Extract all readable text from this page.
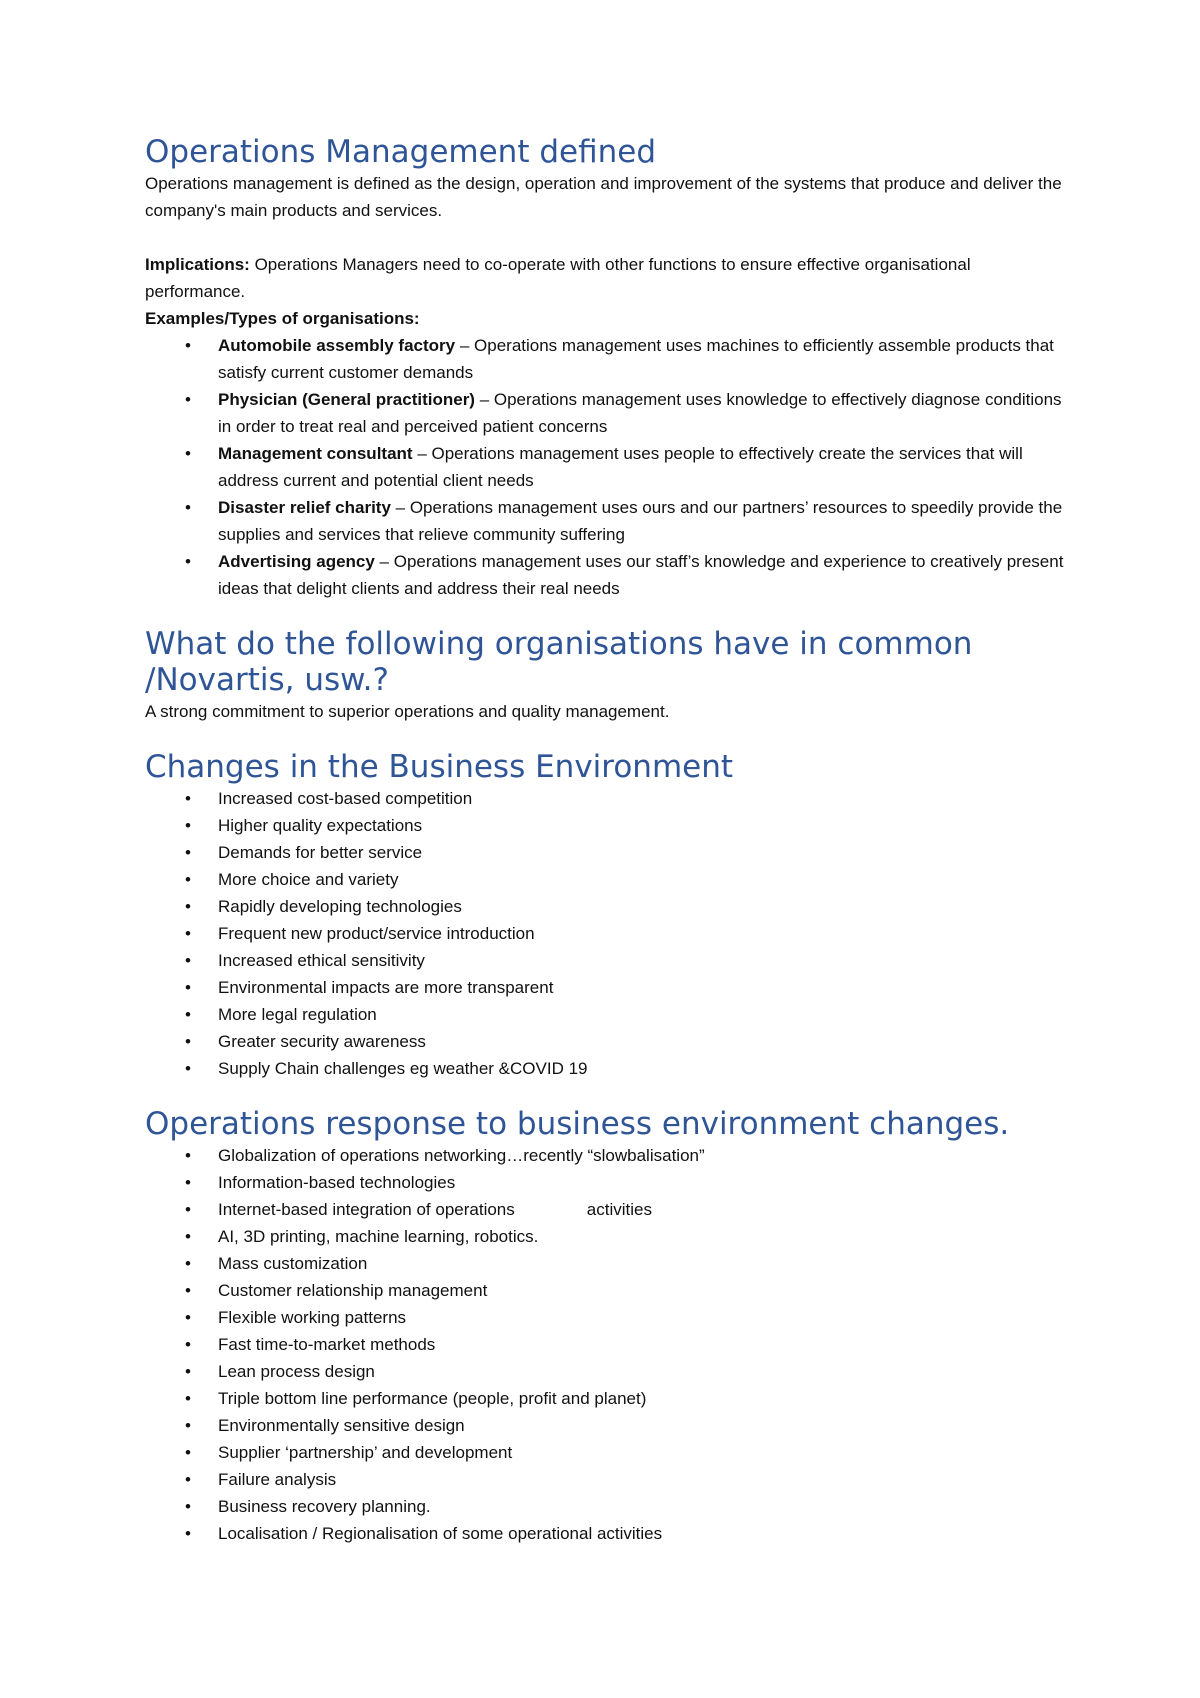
Operations Management defined

Operations management is defined as the design, operation and improvement of the systems that produce and deliver the company's main products and services.

Implications: Operations Managers need to co-operate with other functions to ensure effective organisational performance.

Examples/Types of organisations:

• Automobile assembly factory – Operations management uses machines to efficiently assemble products that satisfy current customer demands
• Physician (General practitioner) – Operations management uses knowledge to effectively diagnose conditions in order to treat real and perceived patient concerns
• Management consultant – Operations management uses people to effectively create the services that will address current and potential client needs
• Disaster relief charity – Operations management uses ours and our partners’ resources to speedily provide the supplies and services that relieve community suffering
• Advertising agency – Operations management uses our staff’s knowledge and experience to creatively present ideas that delight clients and address their real needs
What do the following organisations have in common /Novartis, usw.?

A strong commitment to superior operations and quality management.

Changes in the Business Environment
• Increased cost-based competition
• Higher quality expectations
• Demands for better service
• More choice and variety
• Rapidly developing technologies
• Frequent new product/service introduction
• Increased ethical sensitivity
• Environmental impacts are more transparent
• More legal regulation
• Greater security awareness
• Supply Chain challenges eg weather &COVID 19
Operations response to business environment changes.
• Globalization of operations networking…recently “slowbalisation”
• Information-based technologies
• Internet-based integration of operations	activities
• AI, 3D printing, machine learning, robotics.
• Mass customization
• Customer relationship management
• Flexible working patterns
• Fast time-to-market methods
• Lean process design
• Triple bottom line performance (people, profit and planet)
• Environmentally sensitive design
• Supplier ‘partnership’ and development
• Failure analysis
• Business recovery planning.
• Localisation / Regionalisation of some operational activities
